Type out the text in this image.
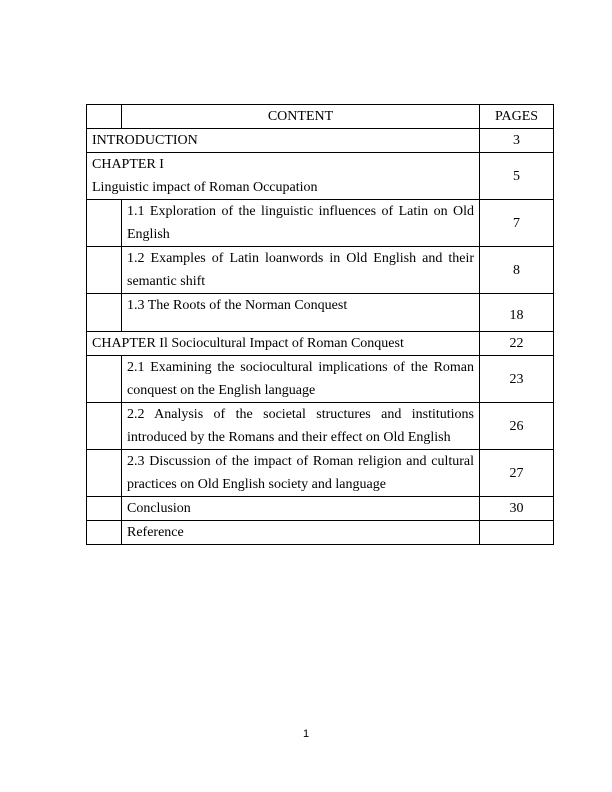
	CONTENT	PAGES
INTRODUCTION		3

CHAPTER I
Linguistic impact of Roman Occupation		5

	1.1 Exploration of the linguistic influences of Latin on Old
English	7

	1.2 Examples of Latin loanwords in Old English and their
semantic shift	8
	1.3 The Roots of the Norman Conquest	18
CHAPTER Il Sociocultural Impact of Roman Conquest		22

	2.1 Examining the sociocultural implications of the Roman
conquest on the English language	23

	2.2 Analysis of the societal structures and institutions
introduced by the Romans and their effect on Old English	26

	2.3 Discussion of the impact of Roman religion and cultural
practices on Old English society and language	27
	Conclusion	30
	Reference	
1
